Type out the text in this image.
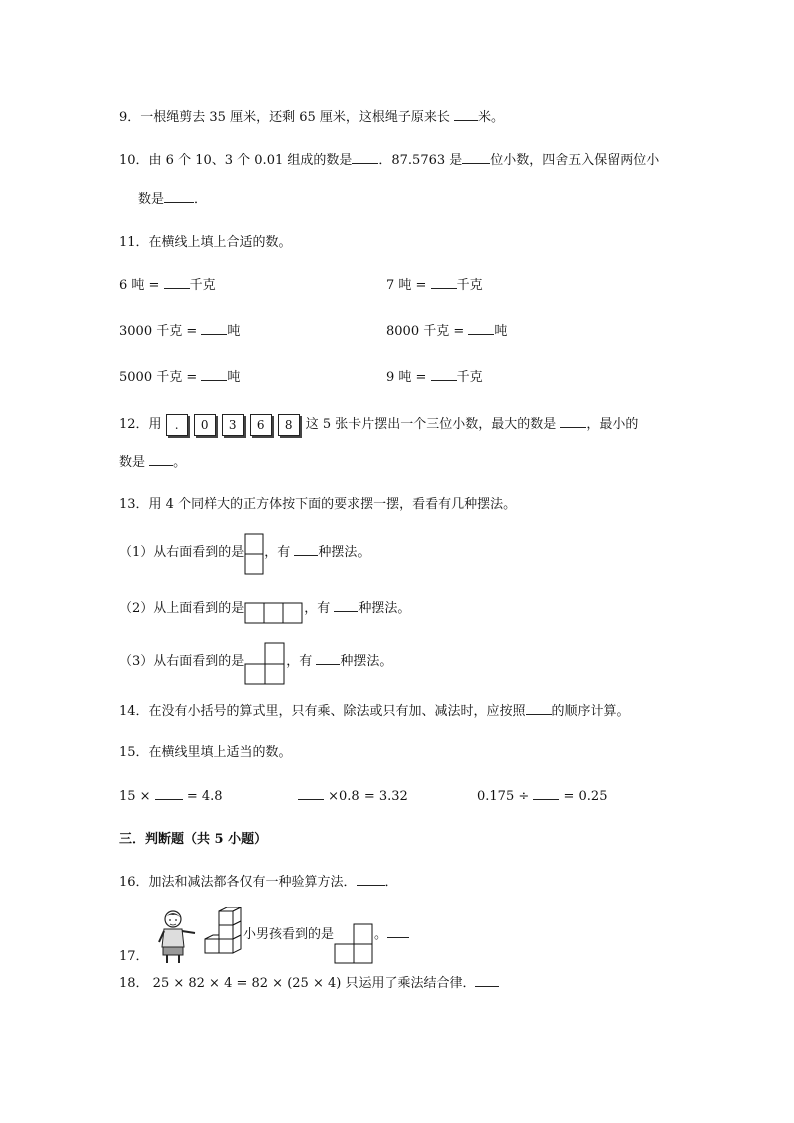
9．一根绳剪去 35 厘米，还剩 65 厘米，这根绳子原来长 米。
10．由 6 个 10、3 个 0.01 组成的数是 ．87.5763 是 位小数，四舍五入保留两位小
数是 ．
11．在横线上填上合适的数。
6 吨 = 千克	7 吨 = 千克
3000 千克 = 吨	8000 千克 = 吨
5000 千克 = 吨	9 吨 = 千克
12．用 . 0 3 6 8 这 5 张卡片摆出一个三位小数，最大的数是 ，最小的
数是 。
13．用 4 个同样大的正方体按下面的要求摆一摆，看看有几种摆法。
（1）从右面看到的是 ，有 种摆法。
（2）从上面看到的是	，有 种摆法。
（3）从右面看到的是	，有 种摆法。
14．在没有小括号的算式里，只有乘、除法或只有加、减法时，应按照 的顺序计算。
15．在横线里填上适当的数。
15 ×  = 4.8	×0.8 = 3.32	0.175 ÷  = 0.25
三．判断题（共 5 小题）
16．加法和减法都各仅有一种验算方法． ．
17．
小男孩看到的是	。
18． 25 × 82 × 4 = 82 × (25 × 4) 只运用了乘法结合律．
